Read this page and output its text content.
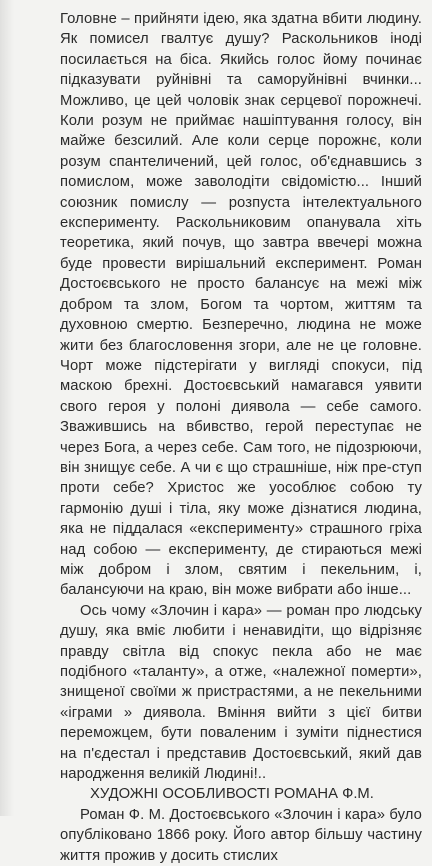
Головне – прийняти ідею, яка здатна вбити людину. Як помисел гвалтує душу? Раскольников іноді посилається на біса. Якийсь голос йому починає підказувати руйнівні та саморуйнівні вчинки... Можливо, це цей чоловік знак серцевої порожнечі. Коли розум не приймає нашіптування голосу, він майже безсилий. Але коли серце порожнє, коли розум спантеличений, цей голос, об'єднавшись з помислом, може заволодіти свідомістю... Інший союзник помислу — розпуста інтелектуального експерименту. Раскольниковим опанувала хіть теоретика, який почув, що завтра ввечері можна буде провести вирішальний експеримент. Роман Достоєвського не просто балансує на межі між добром та злом, Богом та чортом, життям та духовною смертю. Безперечно, людина не може жити без благословення згори, але не це головне. Чорт може підстерігати у вигляді спокуси, під маскою брехні. Достоєвський намагався уявити свого героя у полоні диявола — себе самого. Зважившись на вбивство, герой переступає не через Бога, а через себе. Сам того, не підозрюючи, він знищує себе. А чи є що страшніше, ніж пре-ступ проти себе? Христос же уособлює собою ту гармонію душі і тіла, яку може дізнатися людина, яка не піддалася «експерименту» страшного гріха над собою — експерименту, де стираються межі між добром і злом, святим і пекельним, і, балансуючи на краю, він може вибрати або інше...

Ось чому «Злочин і кара» — роман про людську душу, яка вміє любити і ненавидіти, що відрізняє правду світла від спокус пекла або не має подібного «таланту», а отже, «належної померти», знищеної своїми ж пристрастями, а не пекельними «іграми » диявола. Вміння вийти з цієї битви переможцем, бути поваленим і зуміти піднестися на п'єдестал і представив Достоєвський, який дав народження великій Людині!..

ХУДОЖНІ ОСОБЛИВОСТІ РОМАНА Ф.М.

Роман Ф. М. Достоєвського «Злочин і кара» було опубліковано 1866 року. Його автор більшу частину життя прожив у досить стислих
